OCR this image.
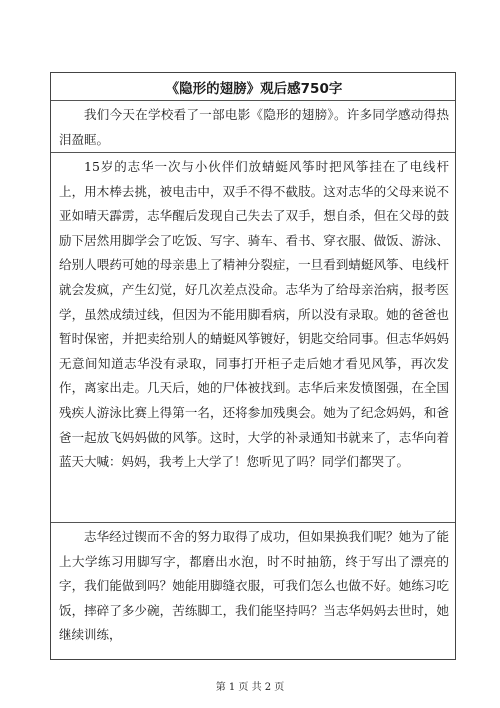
《隐形的翅膀》观后感750字
我们今天在学校看了一部电影《隐形的翅膀》。许多同学感动得热泪盈眶。
15岁的志华一次与小伙伴们放蜻蜓风筝时把风筝挂在了电线杆上，用木棒去挑，被电击中，双手不得不截肢。这对志华的父母来说不亚如晴天霹雳，志华醒后发现自己失去了双手，想自杀，但在父母的鼓励下居然用脚学会了吃饭、写字、骑车、看书、穿衣服、做饭、游泳、给别人喂药可她的母亲患上了精神分裂症，一旦看到蜻蜓风筝、电线杆就会发疯，产生幻觉，好几次差点没命。志华为了给母亲治病，报考医学，虽然成绩过线，但因为不能用脚看病，所以没有录取。她的爸爸也暂时保密，并把卖给别人的蜻蜓风筝镀好，钥匙交给同事。但志华妈妈无意间知道志华没有录取，同事打开柜子走后她才看见风筝，再次发作，离家出走。几天后，她的尸体被找到。志华后来发愤图强，在全国残疾人游泳比赛上得第一名，还将参加残奥会。她为了纪念妈妈，和爸爸一起放飞妈妈做的风筝。这时，大学的补录通知书就来了，志华向着蓝天大喊：妈妈，我考上大学了！您听见了吗？同学们都哭了。
志华经过锲而不舍的努力取得了成功，但如果换我们呢？她为了能上大学练习用脚写字，都磨出水泡，时不时抽筋，终于写出了漂亮的字，我们能做到吗？她能用脚缝衣服，可我们怎么也做不好。她练习吃饭，摔碎了多少碗，苦练脚工，我们能坚持吗？当志华妈妈去世时，她继续训练，
第 1 页 共 2 页
